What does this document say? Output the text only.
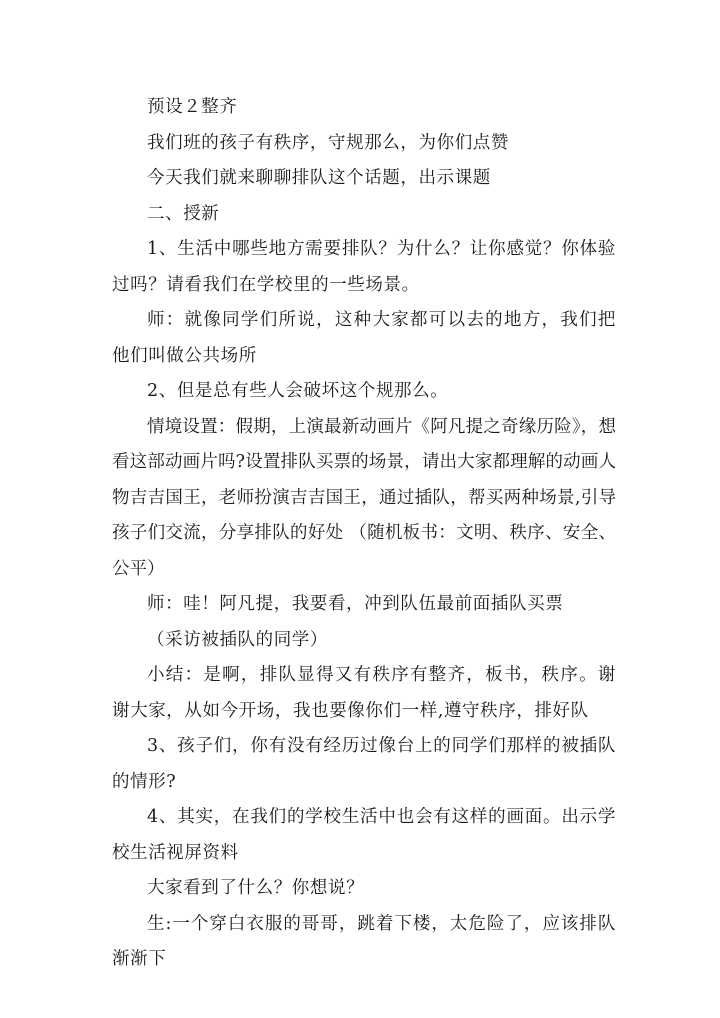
预设２整齐

我们班的孩子有秩序，守规那么，为你们点赞

今天我们就来聊聊排队这个话题，出示课题

二、授新

1、生活中哪些地方需要排队？为什么？让你感觉？你体验过吗？请看我们在学校里的一些场景。

师：就像同学们所说，这种大家都可以去的地方，我们把他们叫做公共场所

2、但是总有些人会破坏这个规那么。

情境设置：假期，上演最新动画片《阿凡提之奇缘历险》，想看这部动画片吗?设置排队买票的场景，请出大家都理解的动画人物吉吉国王，老师扮演吉吉国王，通过插队，帮买两种场景,引导孩子们交流，分享排队的好处 （随机板书：文明、秩序、安全、公平）

师：哇！阿凡提，我要看，冲到队伍最前面插队买票

（采访被插队的同学）

小结：是啊，排队显得又有秩序有整齐，板书，秩序。谢谢大家，从如今开场，我也要像你们一样,遵守秩序，排好队

3、孩子们，你有没有经历过像台上的同学们那样的被插队的情形?

4、其实，在我们的学校生活中也会有这样的画面。出示学校生活视屏资料

大家看到了什么？你想说？

生:一个穿白衣服的哥哥，跳着下楼，太危险了，应该排队渐渐下
